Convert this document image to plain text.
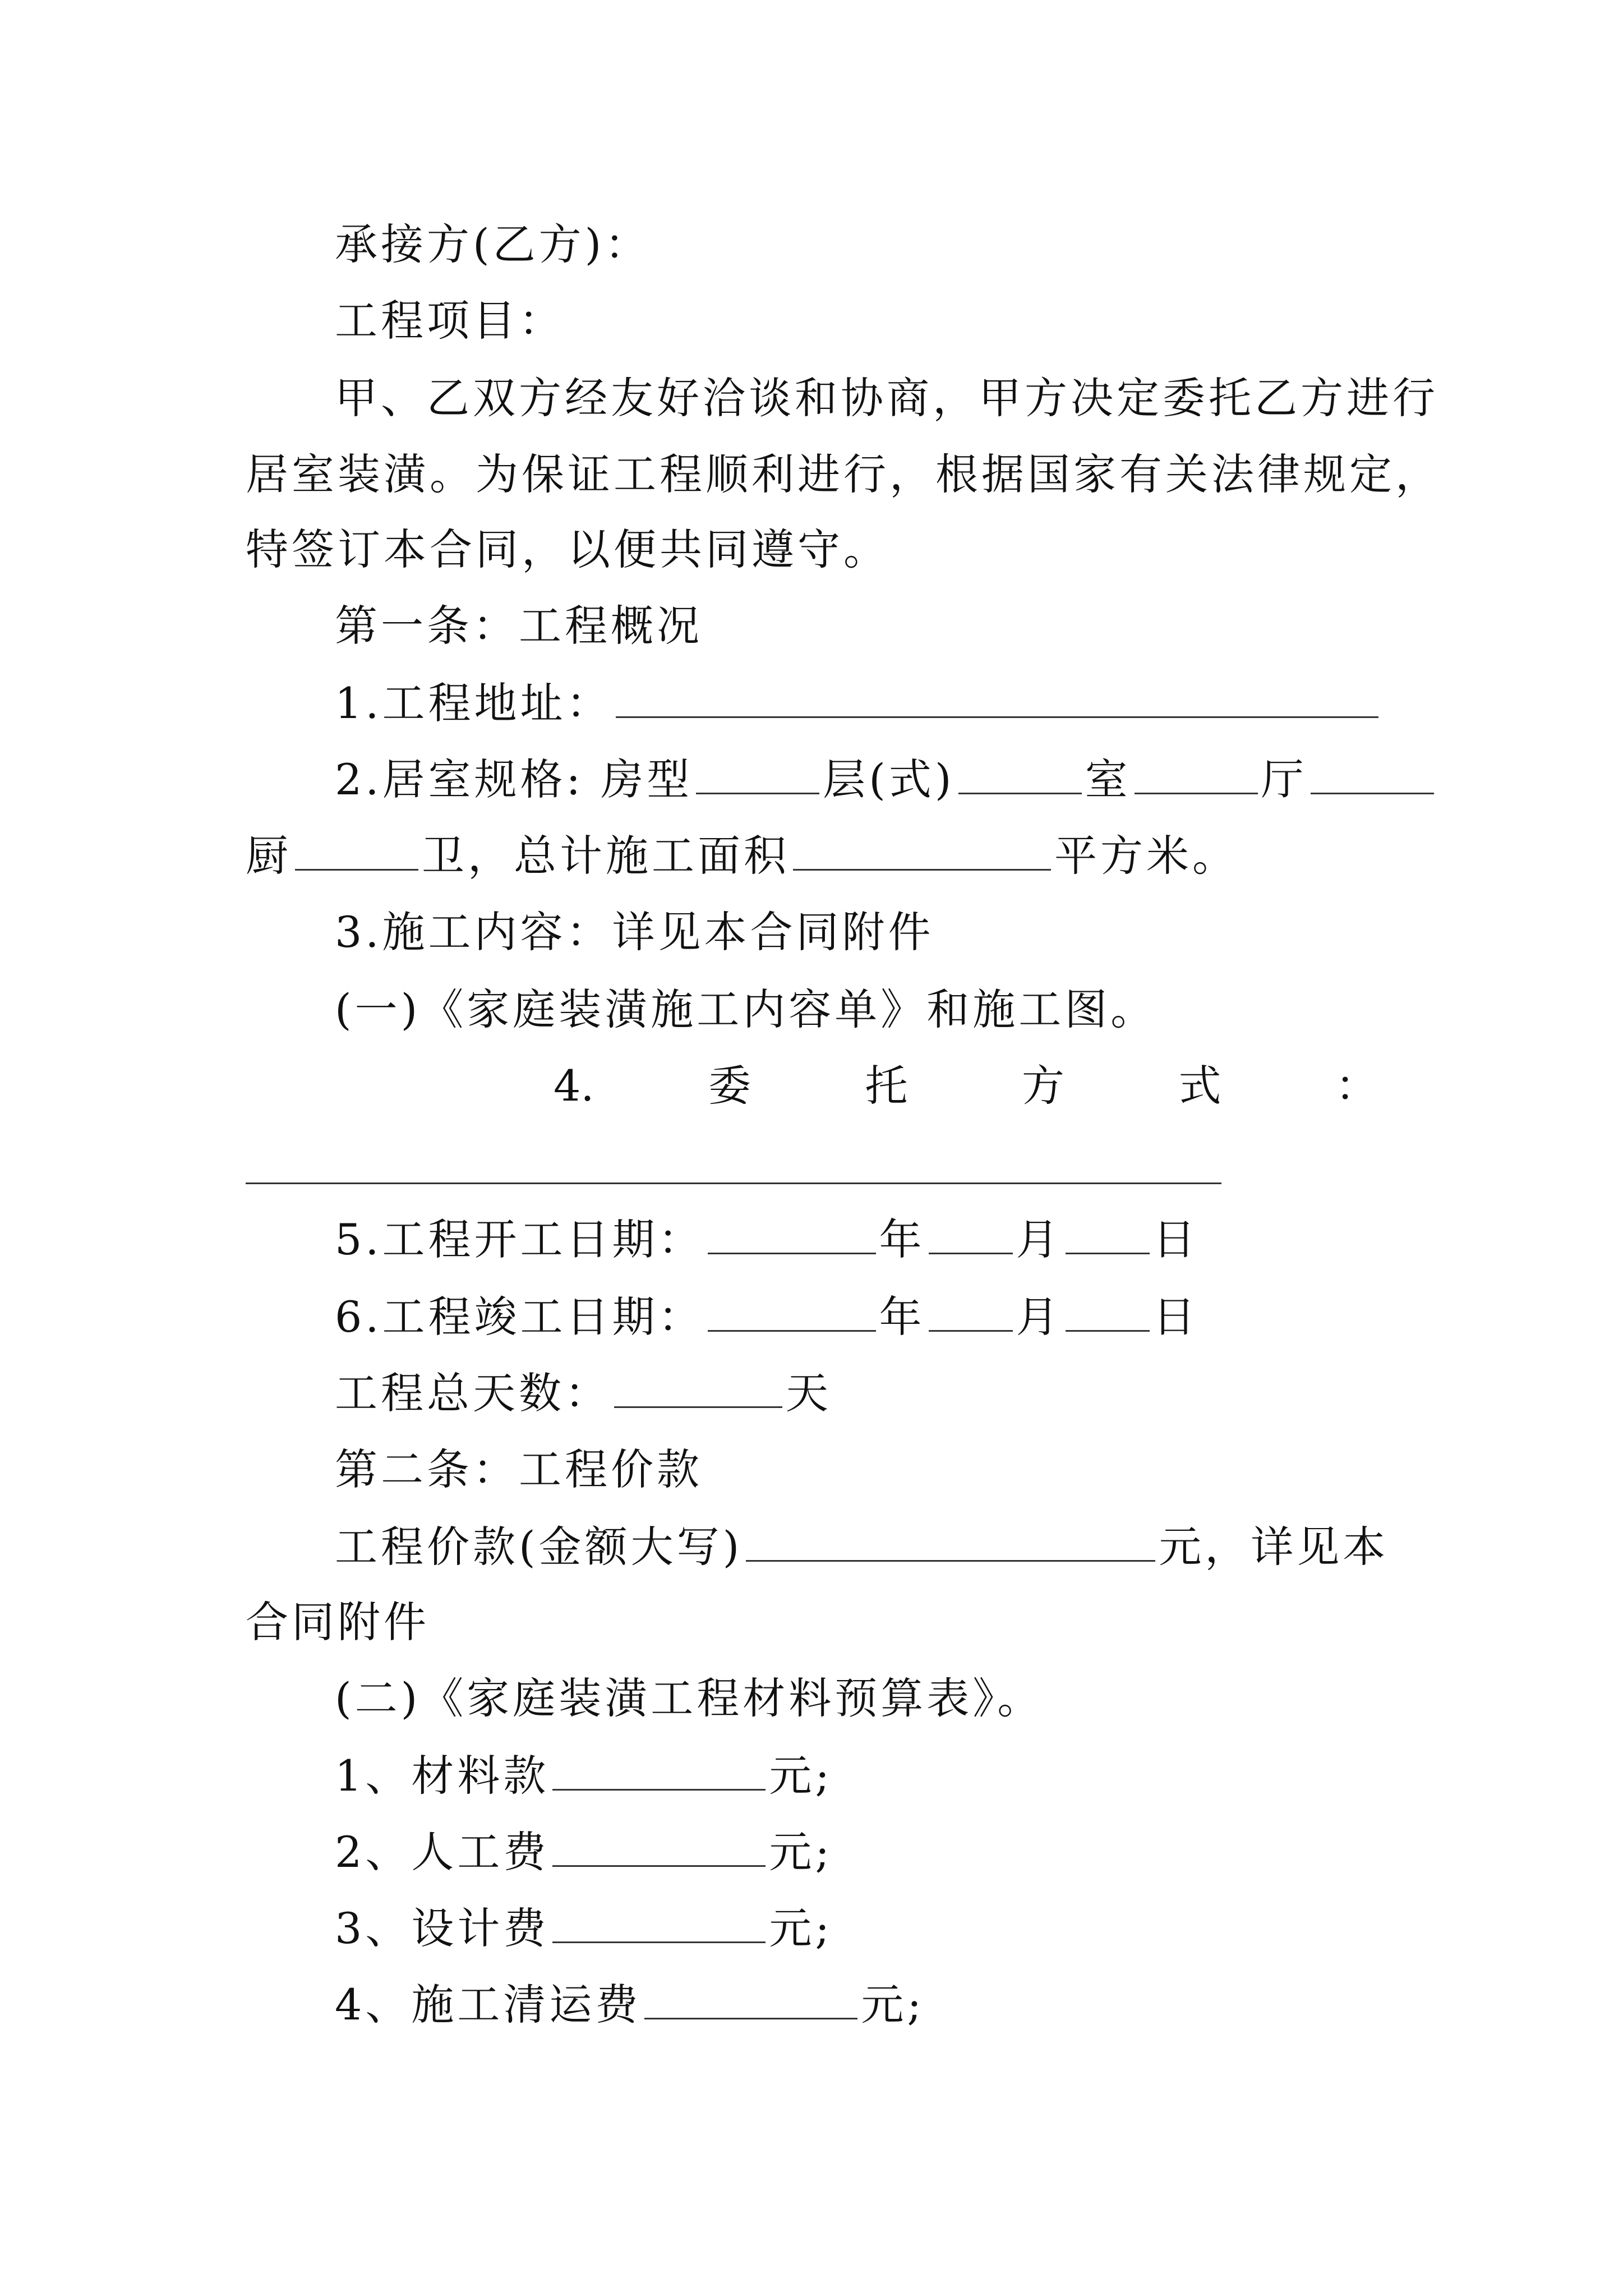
承接方(乙方)：
工程项目：
甲、乙双方经友好洽谈和协商，甲方决定委托乙方进行
居室装潢。为保证工程顺利进行，根据国家有关法律规定，
特签订本合同，以便共同遵守。
第一条：工程概况
1.工程地址：
2.居室规格: 房型	层(式)	室	厅
厨	卫，总计施工面积	平方米。
3.施工内容：详见本合同附件
(一)《家庭装潢施工内容单》和施工图。
4.	委	托	方	式	：
5.工程开工日期：	年 月 日
6.工程竣工日期：	年 月 日
工程总天数：	天
第二条：工程价款
工程价款(金额大写)	元，详见本
合同附件
(二)《家庭装潢工程材料预算表》。
1、材料款	元;
2、人工费	元;
3、设计费	元;
4、施工清运费	元;
